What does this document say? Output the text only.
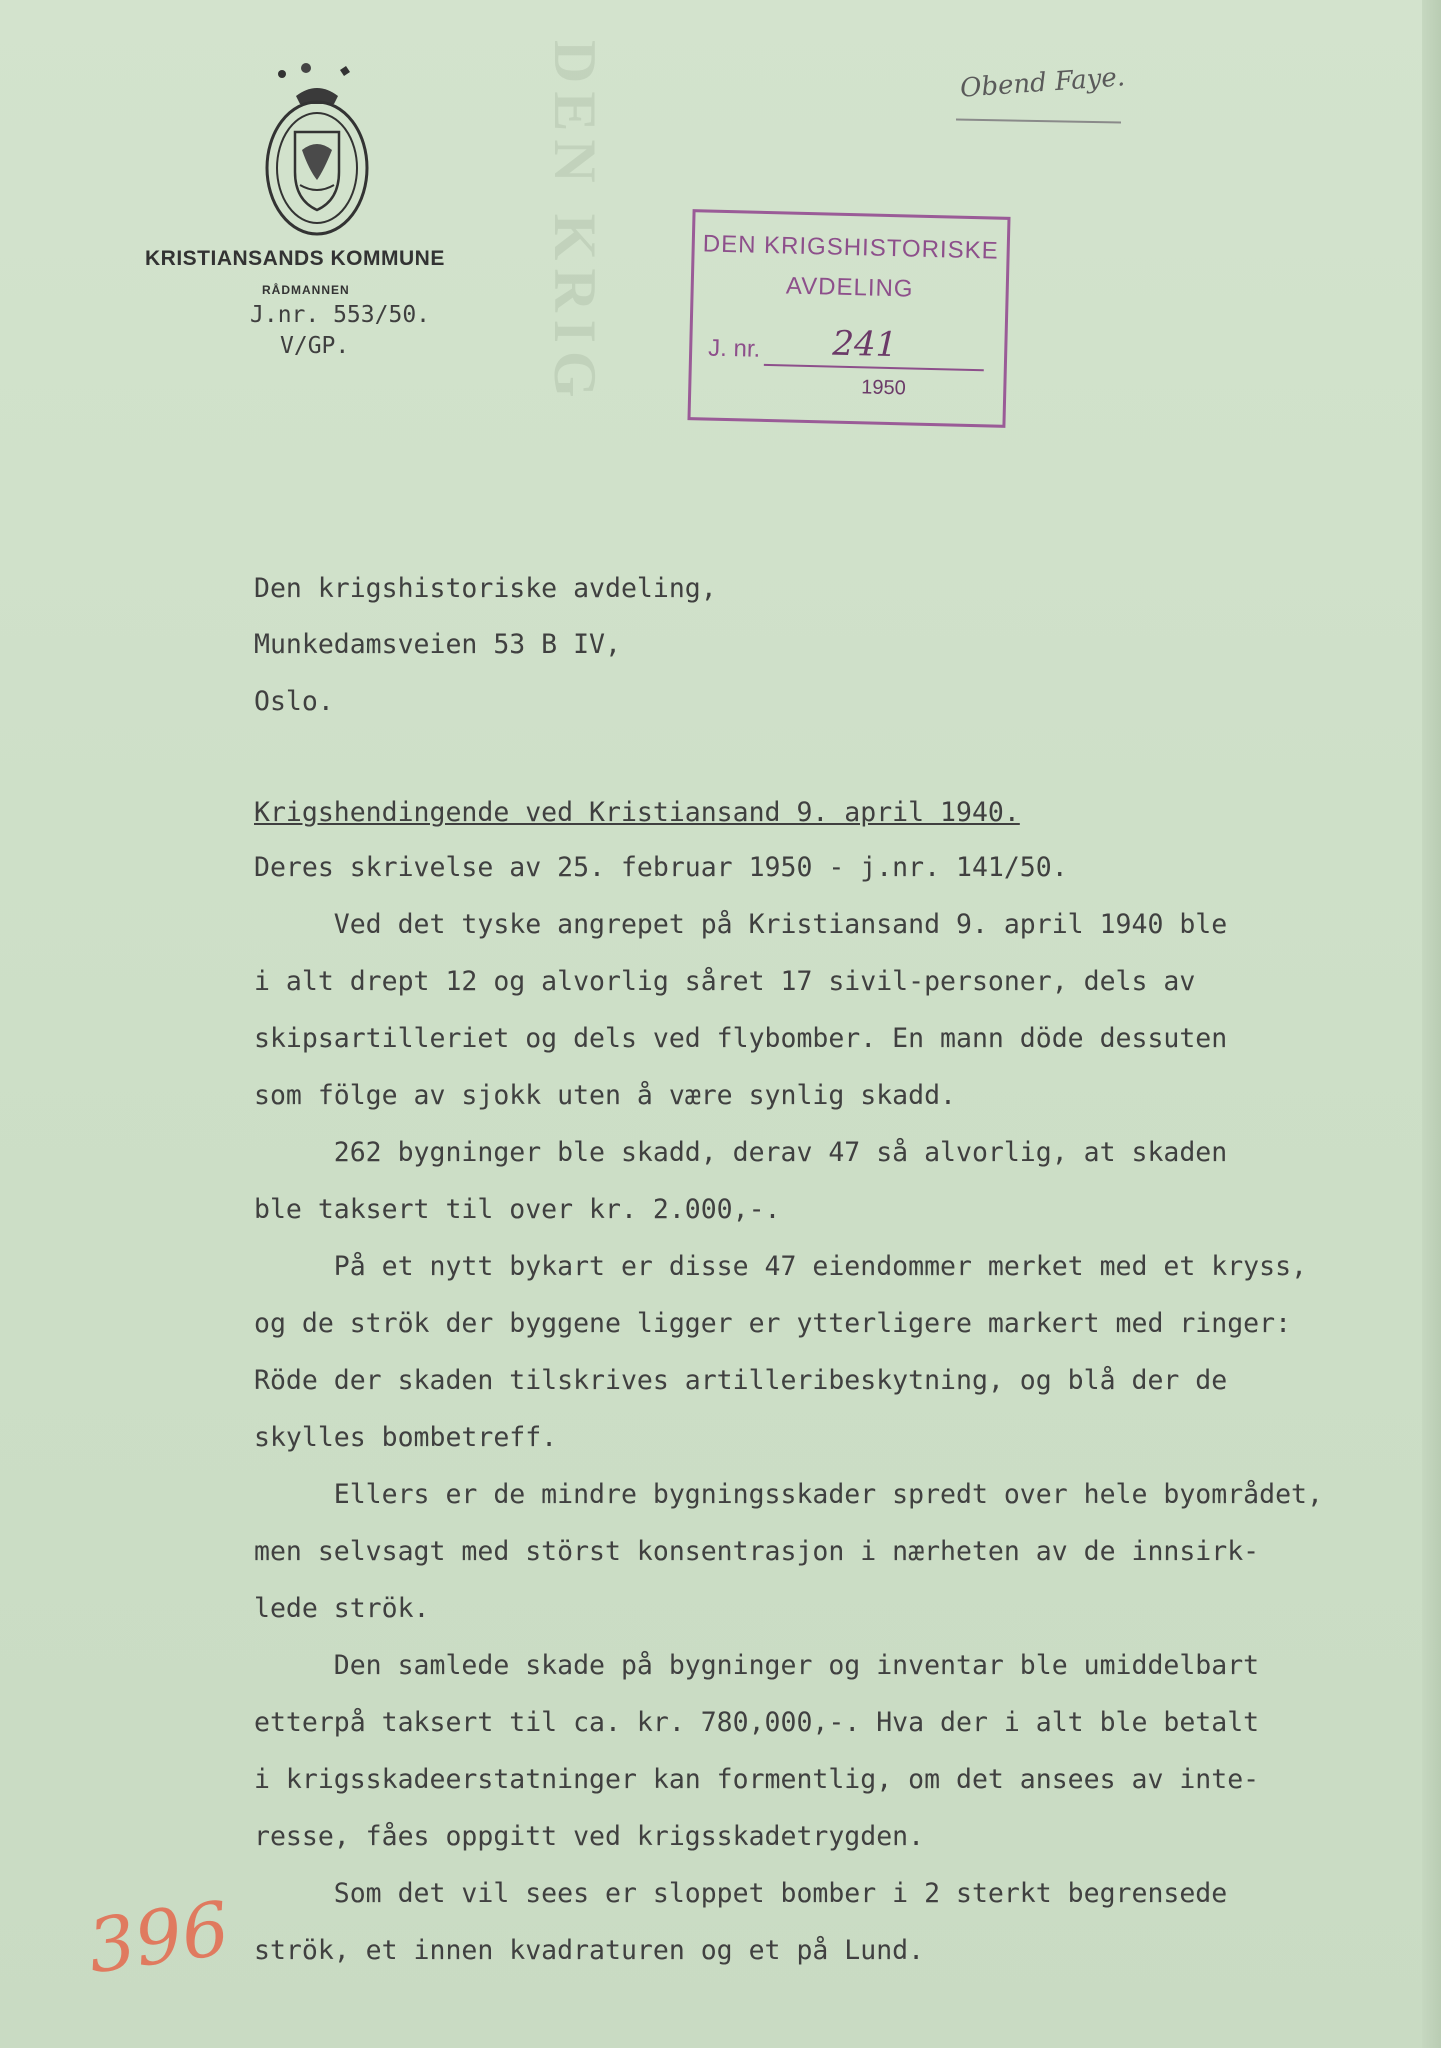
KRISTIANSANDS KOMMUNE
RÅDMANNEN
J.nr. 553/50.
V/GP.
Obend Faye.
DEN KRIG	DEN KRIGSHISTORISKE
AVDELING
J. nr. 241
1950
Den krigshistoriske avdeling,
Munkedamsveien 53 B IV,
Oslo.
Krigshendingende ved Kristiansand 9. april 1940.
Deres skrivelse av 25. februar 1950 - j.nr. 141/50.
Ved det tyske angrepet på Kristiansand 9. april 1940 ble
i alt drept 12 og alvorlig såret 17 sivil-personer, dels av
skipsartilleriet og dels ved flybomber. En mann döde dessuten
som fölge av sjokk uten å være synlig skadd.
262 bygninger ble skadd, derav 47 så alvorlig, at skaden
ble taksert til over kr. 2.000,-.
På et nytt bykart er disse 47 eiendommer merket med et kryss,
og de strök der byggene ligger er ytterligere markert med ringer:
Röde der skaden tilskrives artilleribeskytning, og blå der de
skylles bombetreff.
Ellers er de mindre bygningsskader spredt over hele byområdet,
men selvsagt med störst konsentrasjon i nærheten av de innsirk-
lede strök.
Den samlede skade på bygninger og inventar ble umiddelbart
etterpå taksert til ca. kr. 780,000,-. Hva der i alt ble betalt
i krigsskadeerstatninger kan formentlig, om det ansees av inte-
resse, fåes oppgitt ved krigsskadetrygden.
Som det vil sees er sloppet bomber i 2 sterkt begrensede
strök, et innen kvadraturen og et på Lund.
396
